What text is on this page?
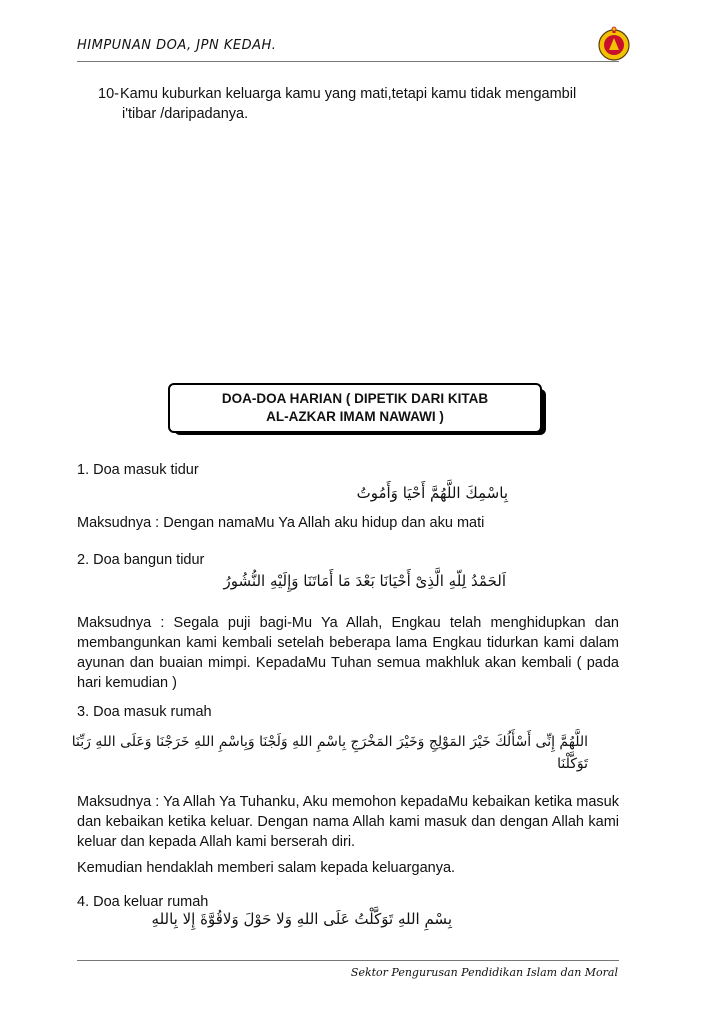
HIMPUNAN DOA, JPN KEDAH.

10-Kamu kuburkan keluarga kamu yang mati,tetapi kamu tidak mengambil

i'tibar /daripadanya.

DOA-DOA HARIAN ( DIPETIK DARI KITAB
AL-AZKAR IMAM NAWAWI )
1. Doa masuk tidur
بِاسْمِكَ اللَّهُمَّ أَحْيَا وَأَمُوتُ
Maksudnya : Dengan namaMu Ya Allah aku hidup dan aku mati
2. Doa bangun tidur
اَلحَمْدُ لِلّهِ الَّذِىْ أَحْيَانَا بَعْدَ مَا أَمَاتَنَا وَإِلَيْهِ النُّشُورُ

Maksudnya : Segala puji bagi-Mu Ya Allah, Engkau telah menghidupkan dan membangunkan kami kembali setelah beberapa lama Engkau tidurkan kami dalam ayunan dan buaian mimpi. KepadaMu Tuhan semua makhluk akan kembali ( pada hari kemudian )

3. Doa masuk rumah
اللَّهُمَّ إِنِّى أَسْأَلُكَ خَيْرَ المَوْلِجِ وَخَيْرَ المَخْرَجِ بِاسْمِ اللهِ وَلَجْنَا وَبِاسْمِ اللهِ خَرَجْنَا وَعَلَى اللهِ رَبِّنَا
تَوَكَّلْنَا

Maksudnya : Ya Allah Ya Tuhanku, Aku memohon kepadaMu kebaikan ketika masuk dan kebaikan ketika keluar. Dengan nama Allah kami masuk dan dengan Allah kami keluar dan kepada Allah kami berserah diri.

Kemudian hendaklah memberi salam kepada keluarganya.
4. Doa keluar rumah
بِسْمِ اللهِ تَوَكَّلْتُ عَلَى اللهِ وَلا حَوْلَ وَلاقُوَّةَ إِلا بِاللهِ
Sektor Pengurusan Pendidikan Islam dan Moral
